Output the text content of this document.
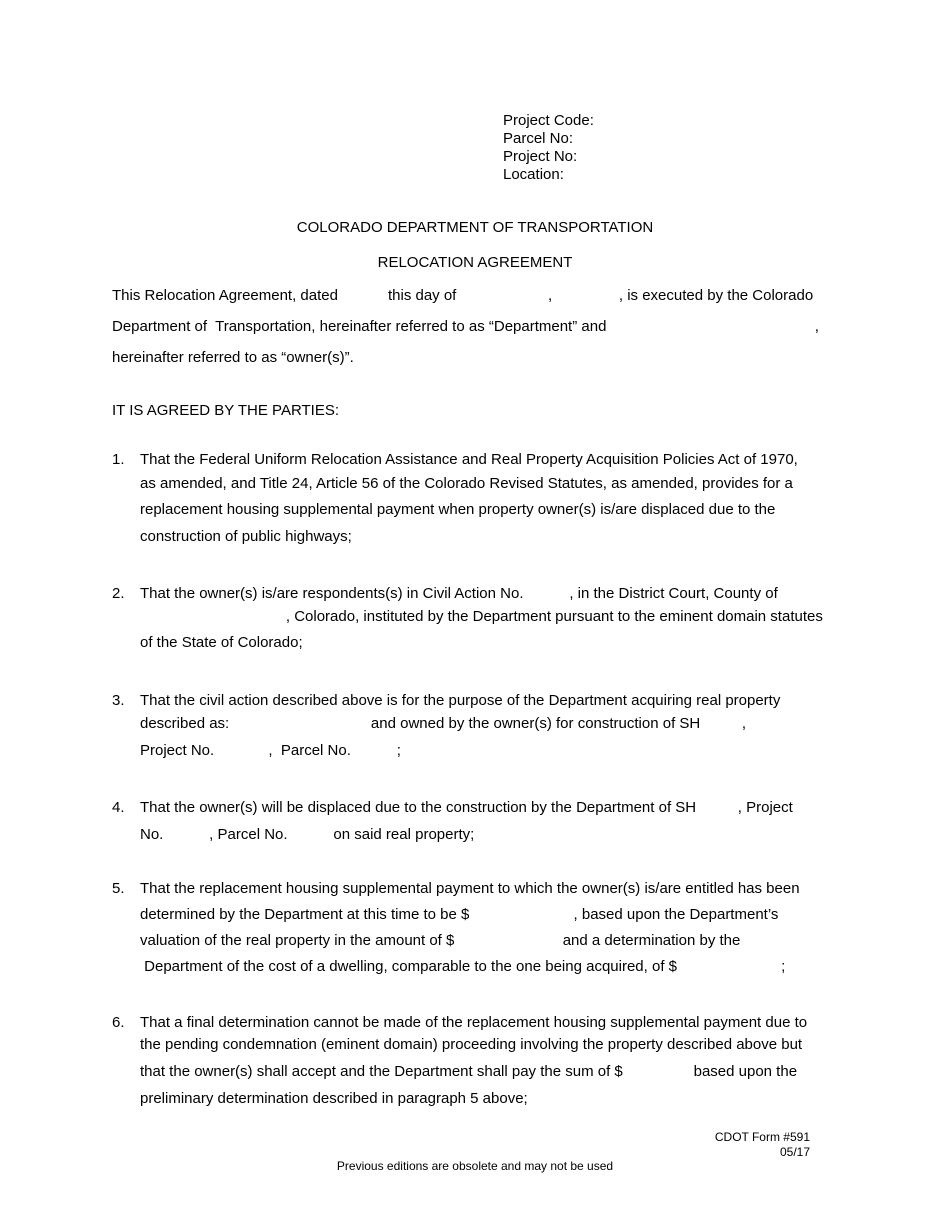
Project Code:
Parcel No:
Project No:
Location:
COLORADO DEPARTMENT OF TRANSPORTATION
RELOCATION AGREEMENT
This Relocation Agreement, dated            this day of                      ,                , is executed by the Colorado
Department of  Transportation, hereinafter referred to as “Department” and                                                  ,
hereinafter referred to as “owner(s)”.
IT IS AGREED BY THE PARTIES:
1. That the Federal Uniform Relocation Assistance and Real Property Acquisition Policies Act of 1970,
as amended, and Title 24, Article 56 of the Colorado Revised Statutes, as amended, provides for a
replacement housing supplemental payment when property owner(s) is/are displaced due to the
construction of public highways;
2. That the owner(s) is/are respondents(s) in Civil Action No.           , in the District Court, County of
, Colorado, instituted by the Department pursuant to the eminent domain statutes
of the State of Colorado;
3. That the civil action described above is for the purpose of the Department acquiring real property
described as:                                  and owned by the owner(s) for construction of SH          ,
Project No.             ,  Parcel No.           ;
4. That the owner(s) will be displaced due to the construction by the Department of SH          , Project
No.           , Parcel No.           on said real property;
5. That the replacement housing supplemental payment to which the owner(s) is/are entitled has been
determined by the Department at this time to be $                         , based upon the Department’s
valuation of the real property in the amount of $                          and a determination by the
Department of the cost of a dwelling, comparable to the one being acquired, of $                         ;
6. That a final determination cannot be made of the replacement housing supplemental payment due to
the pending condemnation (eminent domain) proceeding involving the property described above but
that the owner(s) shall accept and the Department shall pay the sum of $                 based upon the
preliminary determination described in paragraph 5 above;
CDOT Form #591
05/17
Previous editions are obsolete and may not be used
